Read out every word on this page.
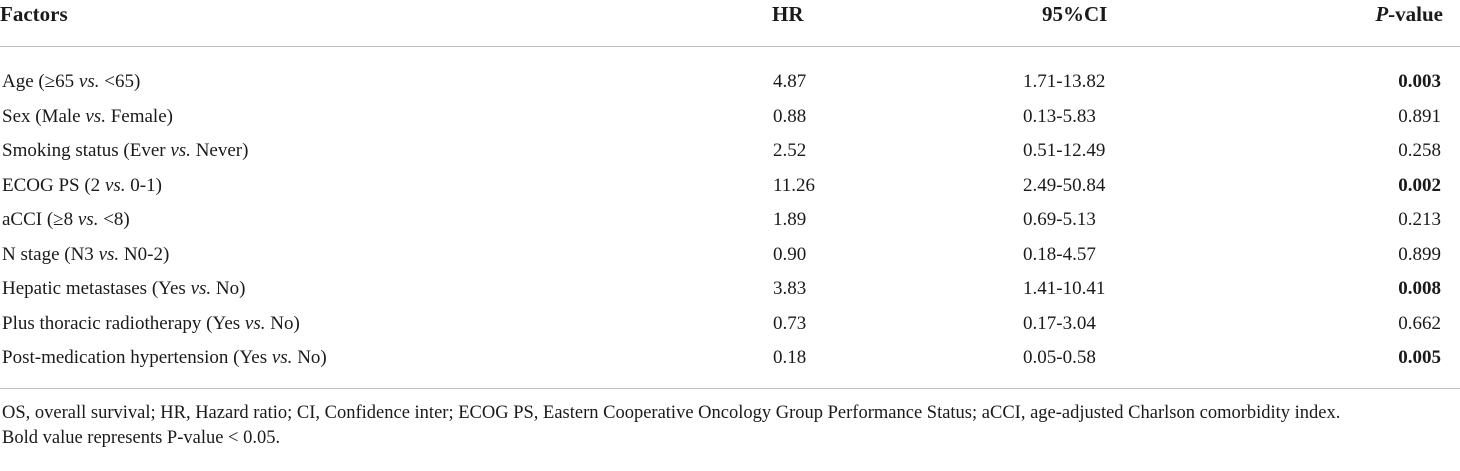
Factors	HR	95%CI	P-value
Age (≥65 vs. <65)	4.87	1.71-13.82	0.003
Sex (Male vs. Female)	0.88	0.13-5.83	0.891
Smoking status (Ever vs. Never)	2.52	0.51-12.49	0.258
ECOG PS (2 vs. 0-1)	11.26	2.49-50.84	0.002
aCCI (≥8 vs. <8)	1.89	0.69-5.13	0.213
N stage (N3 vs. N0-2)	0.90	0.18-4.57	0.899
Hepatic metastases (Yes vs. No)	3.83	1.41-10.41	0.008
Plus thoracic radiotherapy (Yes vs. No)	0.73	0.17-3.04	0.662
Post-medication hypertension (Yes vs. No)	0.18	0.05-0.58	0.005
OS, overall survival; HR, Hazard ratio; CI, Confidence inter; ECOG PS, Eastern Cooperative Oncology Group Performance Status; aCCI, age-adjusted Charlson comorbidity index.
Bold value represents P-value < 0.05.
